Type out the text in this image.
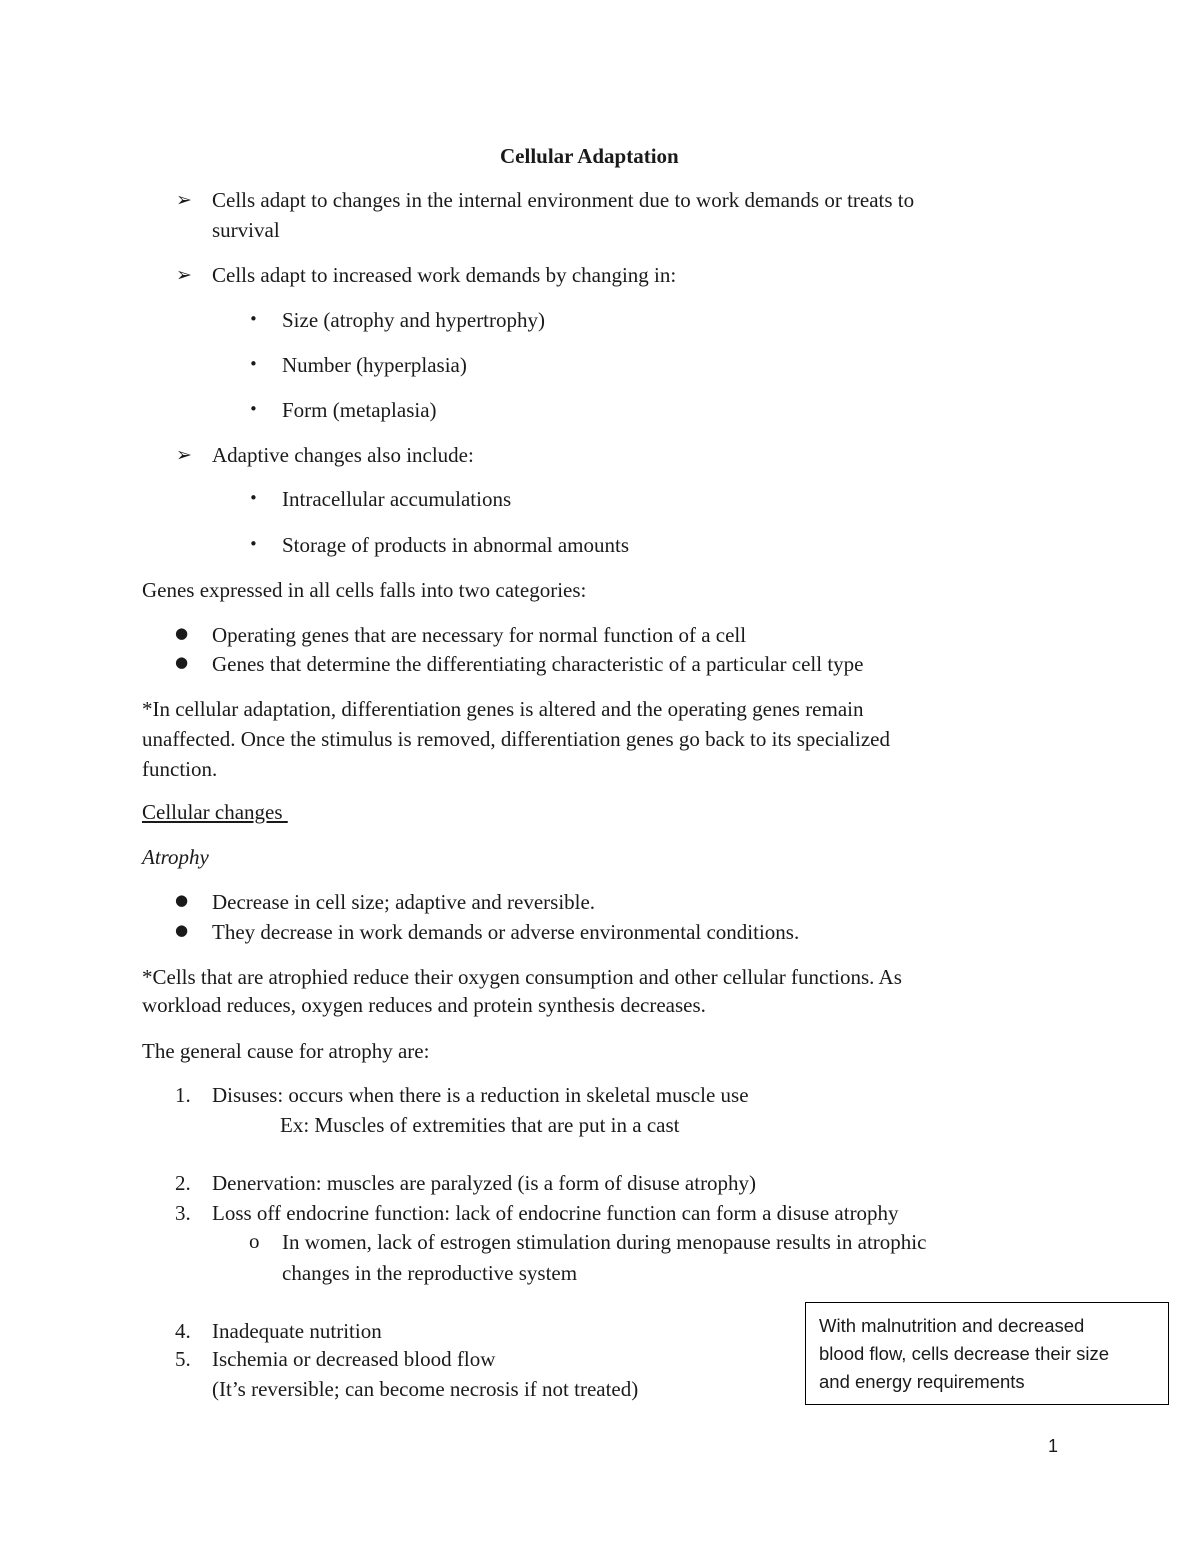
Cellular Adaptation
➢ Cells adapt to changes in the internal environment due to work demands or treats to
survival
➢ Cells adapt to increased work demands by changing in:
• Size (atrophy and hypertrophy)
• Number (hyperplasia)
• Form (metaplasia)
➢ Adaptive changes also include:
• Intracellular accumulations
• Storage of products in abnormal amounts
Genes expressed in all cells falls into two categories:
● Operating genes that are necessary for normal function of a cell
● Genes that determine the differentiating characteristic of a particular cell type
*In cellular adaptation, differentiation genes is altered and the operating genes remain
unaffected. Once the stimulus is removed, differentiation genes go back to its specialized
function.
Cellular changes
Atrophy
● Decrease in cell size; adaptive and reversible.
● They decrease in work demands or adverse environmental conditions.
*Cells that are atrophied reduce their oxygen consumption and other cellular functions. As
workload reduces, oxygen reduces and protein synthesis decreases.
The general cause for atrophy are:
1. Disuses: occurs when there is a reduction in skeletal muscle use
Ex: Muscles of extremities that are put in a cast
2. Denervation: muscles are paralyzed (is a form of disuse atrophy)
3. Loss off endocrine function: lack of endocrine function can form a disuse atrophy
o In women, lack of estrogen stimulation during menopause results in atrophic
changes in the reproductive system
4. Inadequate nutrition
5. Ischemia or decreased blood flow
(It’s reversible; can become necrosis if not treated)
With malnutrition and decreased
blood flow, cells decrease their size
and energy requirements
1
